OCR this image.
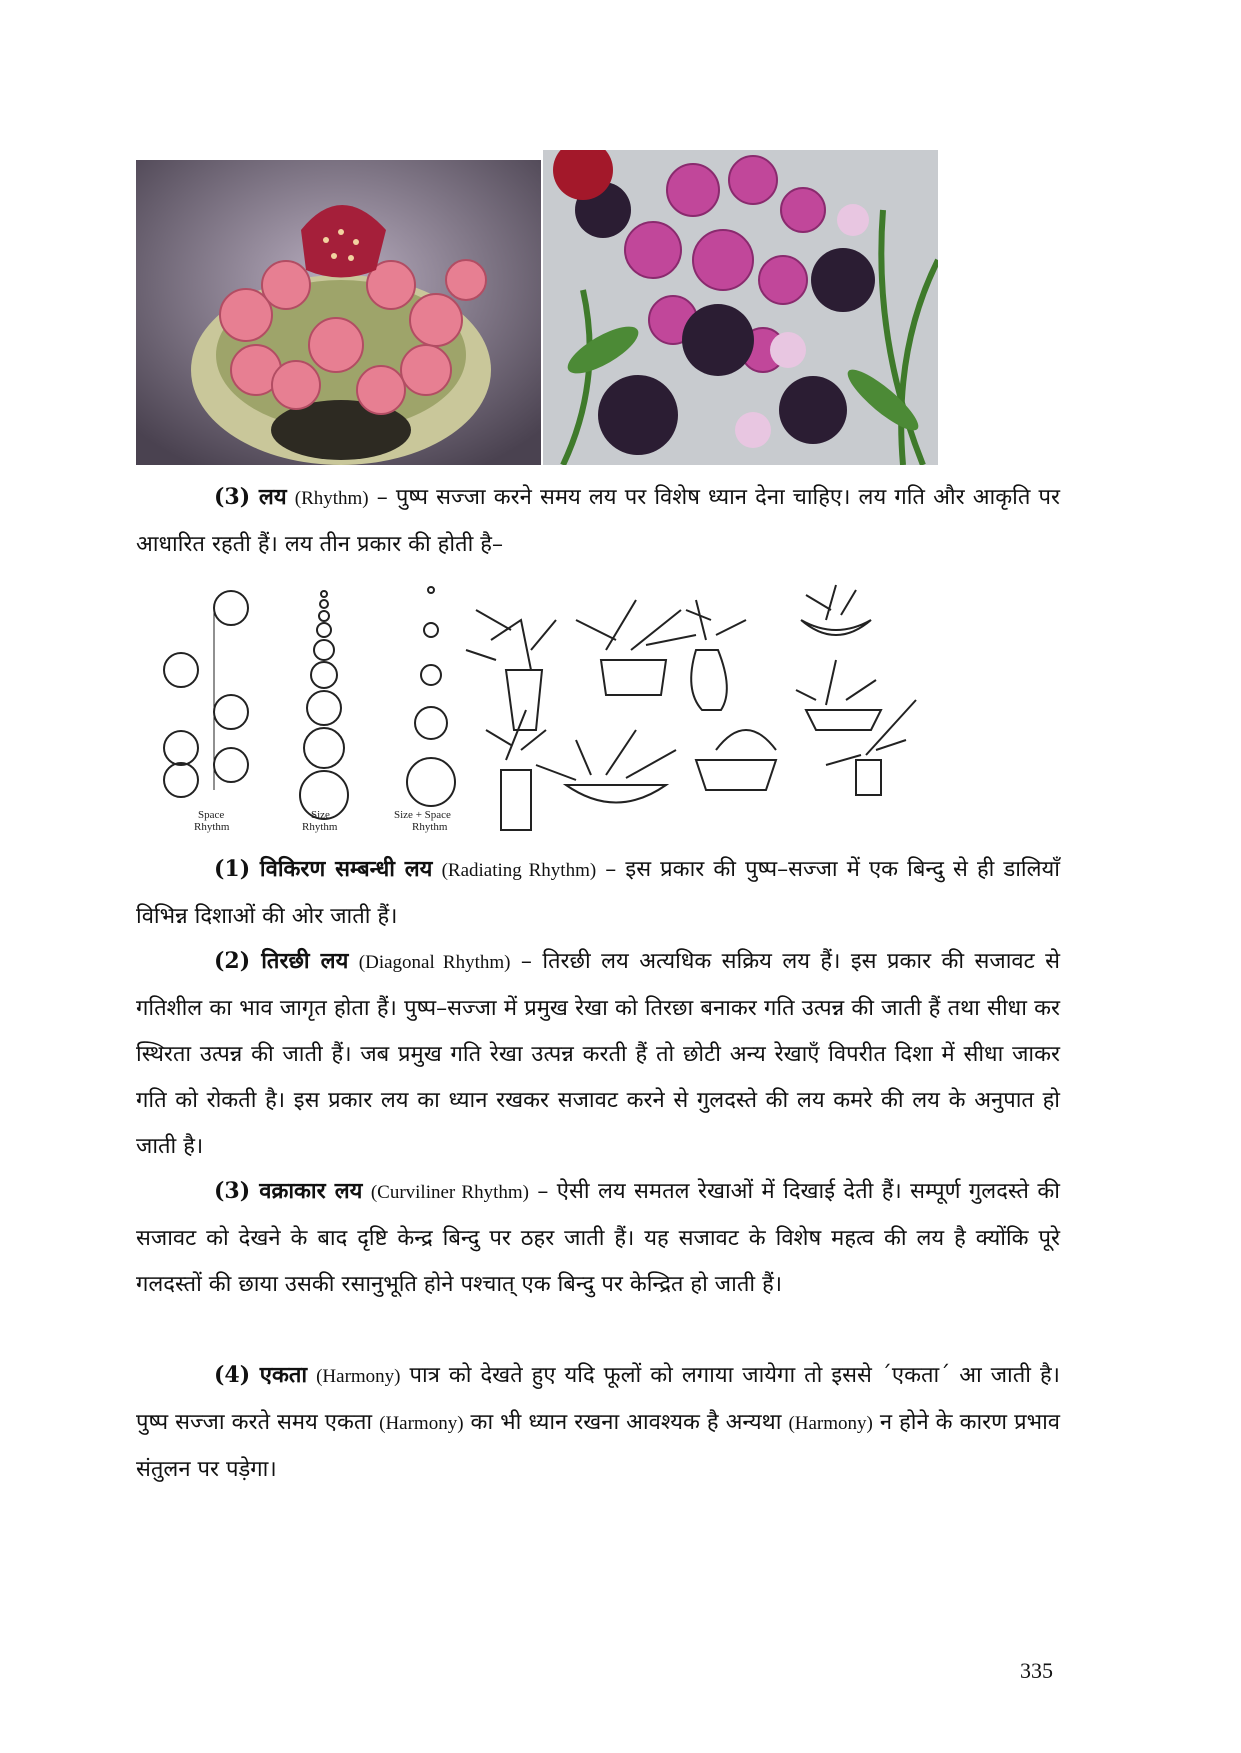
(3) लय (Rhythm) – पुष्प सज्जा करने समय लय पर विशेष ध्यान देना चाहिए। लय गति और आकृति पर आधारित रहती हैं। लय तीन प्रकार की होती है–

Space
Rhythm
Size
Rhythm
Size + Space
Rhythm

(1) विकिरण सम्बन्धी लय (Radiating Rhythm) – इस प्रकार की पुष्प–सज्जा में एक बिन्दु से ही डालियाँ विभिन्न दिशाओं की ओर जाती हैं।

(2) तिरछी लय (Diagonal Rhythm) – तिरछी लय अत्यधिक सक्रिय लय हैं। इस प्रकार की सजावट से गतिशील का भाव जागृत होता हैं। पुष्प–सज्जा में प्रमुख रेखा को तिरछा बनाकर गति उत्पन्न की जाती हैं तथा सीधा कर स्थिरता उत्पन्न की जाती हैं। जब प्रमुख गति रेखा उत्पन्न करती हैं तो छोटी अन्य रेखाएँ विपरीत दिशा में सीधा जाकर गति को रोकती है। इस प्रकार लय का ध्यान रखकर सजावट करने से गुलदस्ते की लय कमरे की लय के अनुपात हो जाती है।

(3) वक्राकार लय (Curviliner Rhythm) – ऐसी लय समतल रेखाओं में दिखाई देती हैं। सम्पूर्ण गुलदस्ते की सजावट को देखने के बाद दृष्टि केन्द्र बिन्दु पर ठहर जाती हैं। यह सजावट के विशेष महत्व की लय है क्योंकि पूरे गलदस्तों की छाया उसकी रसानुभूति होने पश्चात् एक बिन्दु पर केन्द्रित हो जाती हैं।

(4) एकता (Harmony) पात्र को देखते हुए यदि फूलों को लगाया जायेगा तो इससे ´एकता´ आ जाती है। पुष्प सज्जा करते समय एकता (Harmony) का भी ध्यान रखना आवश्यक है अन्यथा (Harmony) न होने के कारण प्रभाव संतुलन पर पड़ेगा।

335
